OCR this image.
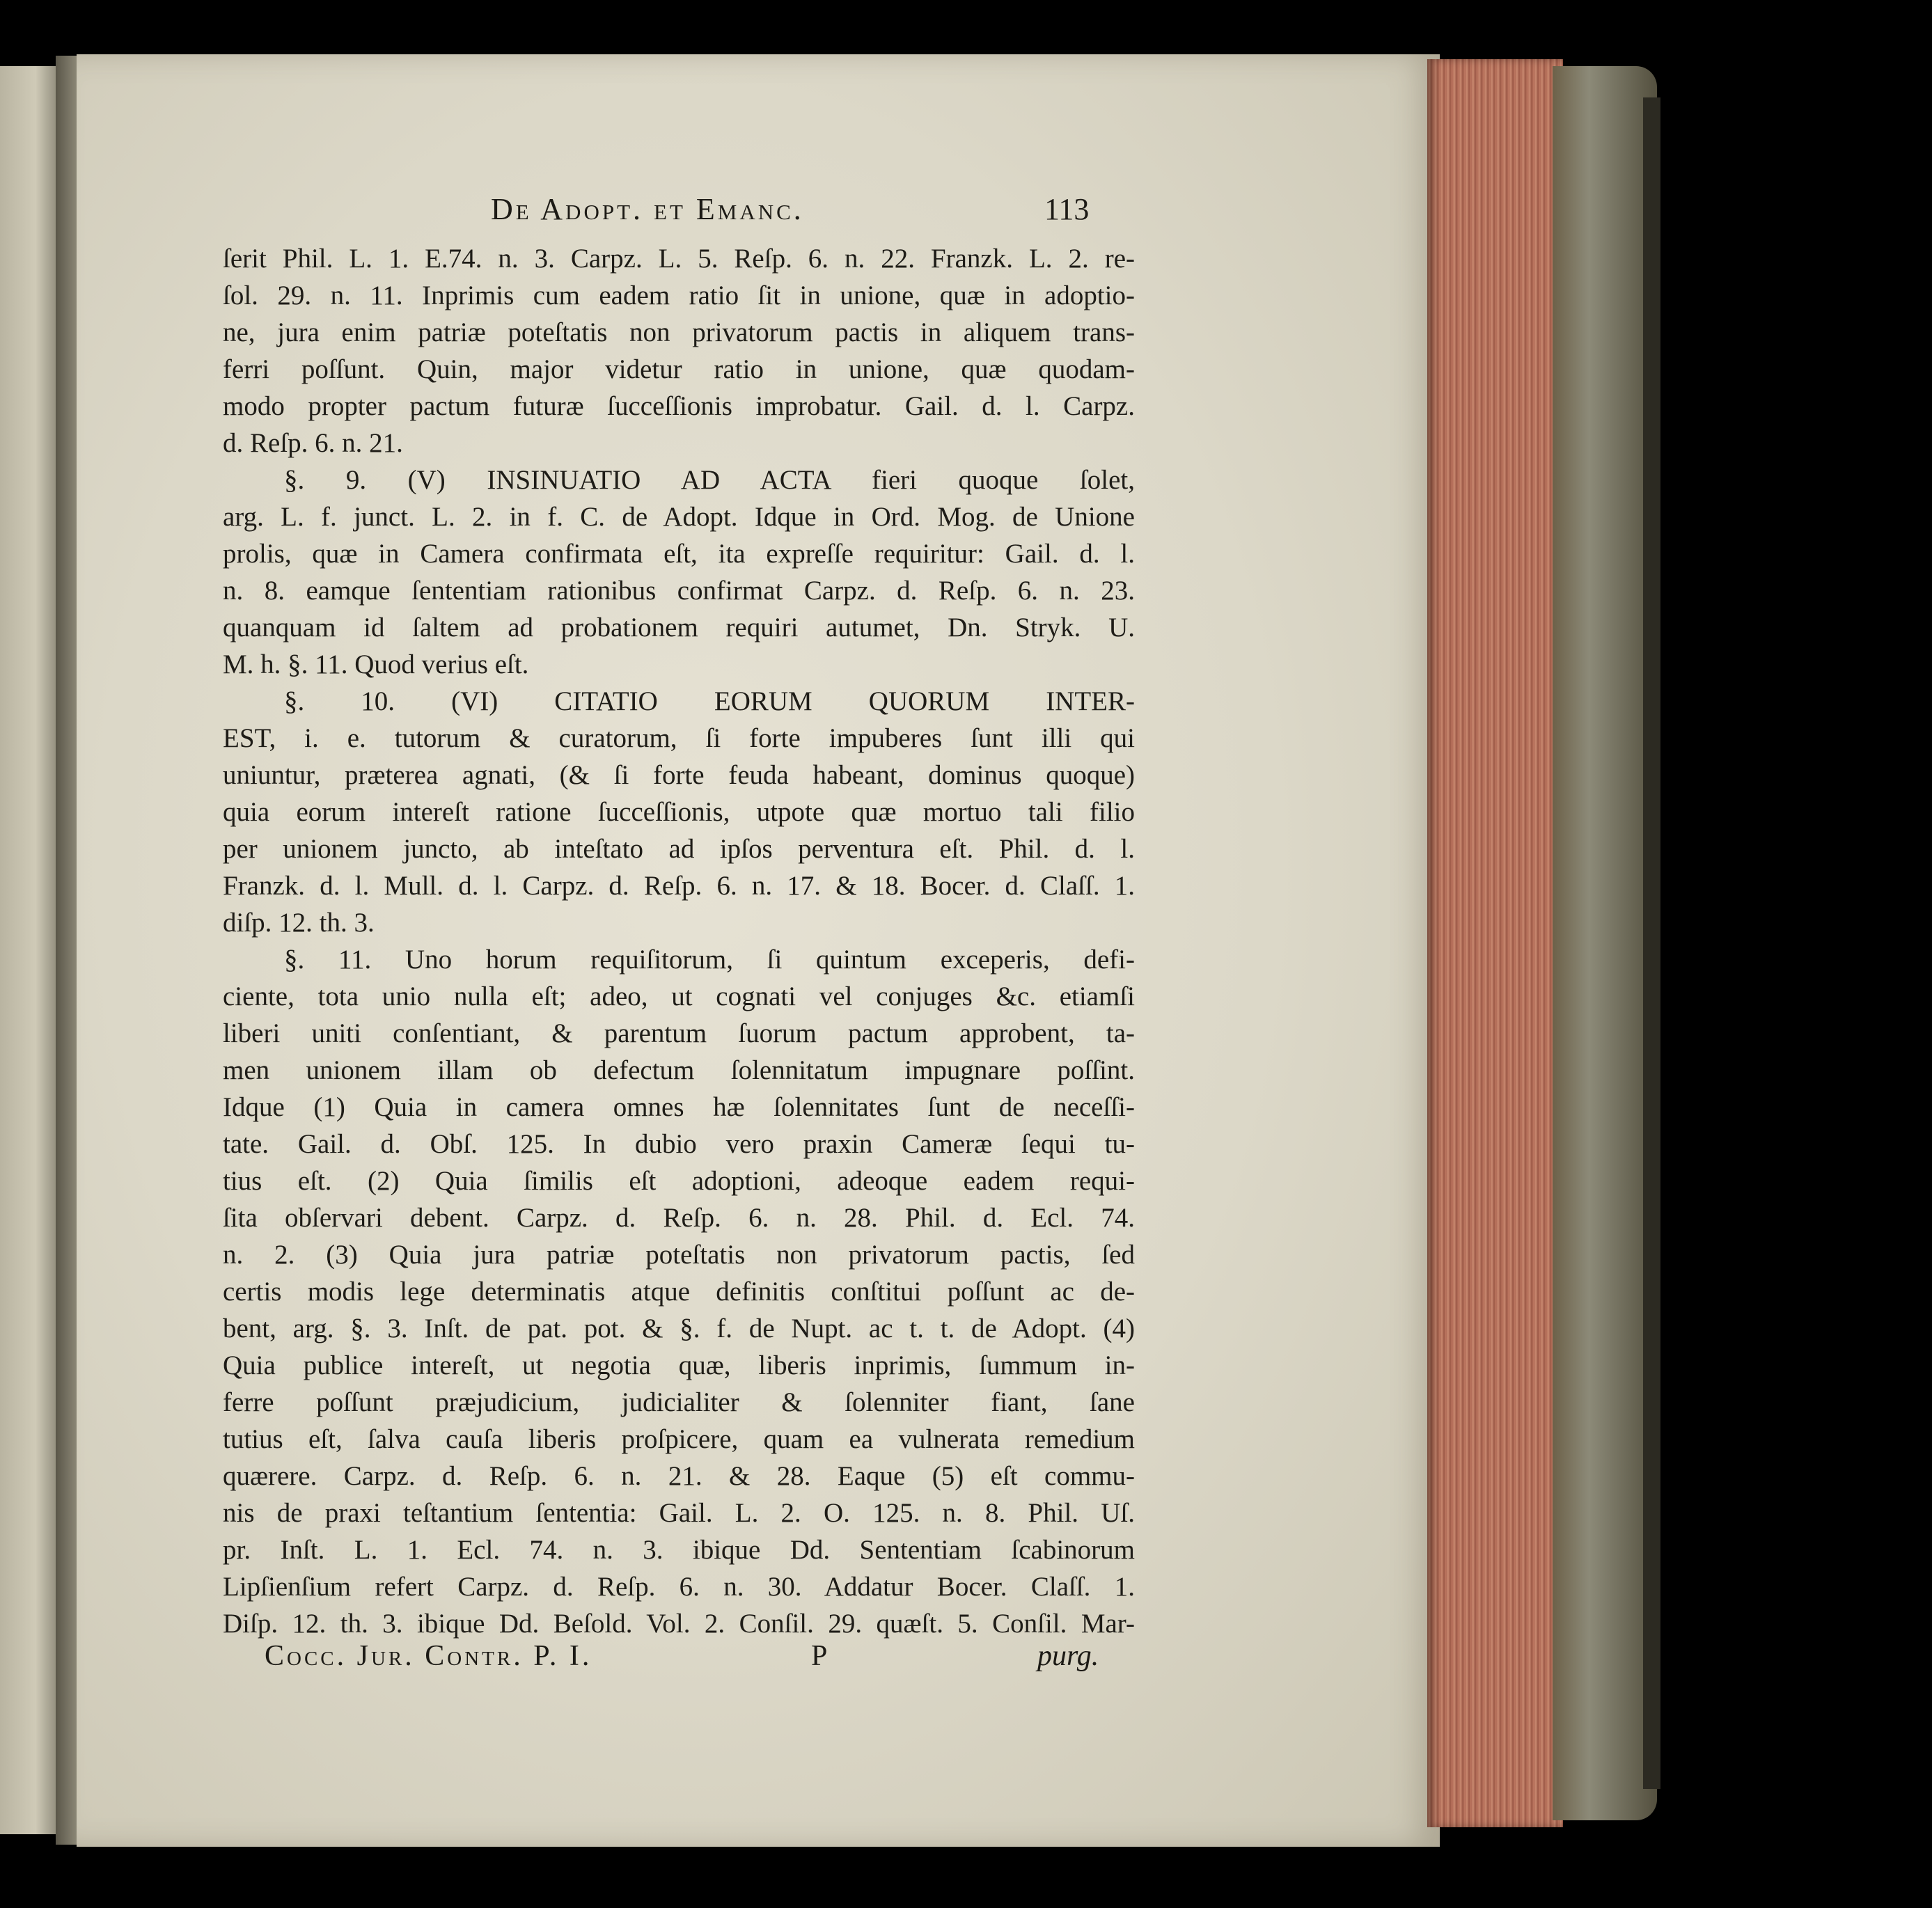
De Adopt. et Emanc.	113
ſerit Phil. L. 1. E.74. n. 3. Carpz. L. 5. Reſp. 6. n. 22. Franzk. L. 2. re-
ſol. 29. n. 11. Inprimis cum eadem ratio ſit in unione, quæ in adoptio-
ne, jura enim patriæ poteſtatis non privatorum pactis in aliquem trans-
ferri poſſunt. Quin, major videtur ratio in unione, quæ quodam-
modo propter pactum futuræ ſucceſſionis improbatur. Gail. d. l. Carpz.
d. Reſp. 6. n. 21.
§. 9. (V) INSINUATIO AD ACTA fieri quoque ſolet,
arg. L. f. junct. L. 2. in f. C. de Adopt. Idque in Ord. Mog. de Unione
prolis, quæ in Camera confirmata eſt, ita expreſſe requiritur: Gail. d. l.
n. 8. eamque ſententiam rationibus confirmat Carpz. d. Reſp. 6. n. 23.
quanquam id ſaltem ad probationem requiri autumet, Dn. Stryk. U.
M. h. §. 11. Quod verius eſt.
§. 10. (VI) CITATIO EORUM QUORUM INTER-
EST, i. e. tutorum & curatorum, ſi forte impuberes ſunt illi qui
uniuntur, præterea agnati, (& ſi forte feuda habeant, dominus quoque)
quia eorum intereſt ratione ſucceſſionis, utpote quæ mortuo tali filio
per unionem juncto, ab inteſtato ad ipſos perventura eſt. Phil. d. l.
Franzk. d. l. Mull. d. l. Carpz. d. Reſp. 6. n. 17. & 18. Bocer. d. Claſſ. 1.
diſp. 12. th. 3.
§. 11. Uno horum requiſitorum, ſi quintum exceperis, defi-
ciente, tota unio nulla eſt; adeo, ut cognati vel conjuges &c. etiamſi
liberi uniti conſentiant, & parentum ſuorum pactum approbent, ta-
men unionem illam ob defectum ſolennitatum impugnare poſſint.
Idque (1) Quia in camera omnes hæ ſolennitates ſunt de neceſſi-
tate. Gail. d. Obſ. 125. In dubio vero praxin Cameræ ſequi tu-
tius eſt. (2) Quia ſimilis eſt adoptioni, adeoque eadem requi-
ſita obſervari debent. Carpz. d. Reſp. 6. n. 28. Phil. d. Ecl. 74.
n. 2. (3) Quia jura patriæ poteſtatis non privatorum pactis, ſed
certis modis lege determinatis atque definitis conſtitui poſſunt ac de-
bent, arg. §. 3. Inſt. de pat. pot. & §. f. de Nupt. ac t. t. de Adopt. (4)
Quia publice intereſt, ut negotia quæ, liberis inprimis, ſummum in-
ferre poſſunt præjudicium, judicialiter & ſolenniter fiant, ſane
tutius eſt, ſalva cauſa liberis proſpicere, quam ea vulnerata remedium
quærere. Carpz. d. Reſp. 6. n. 21. & 28. Eaque (5) eſt commu-
nis de praxi teſtantium ſententia: Gail. L. 2. O. 125. n. 8. Phil. Uſ.
pr. Inſt. L. 1. Ecl. 74. n. 3. ibique Dd. Sententiam ſcabinorum
Lipſienſium refert Carpz. d. Reſp. 6. n. 30. Addatur Bocer. Claſſ. 1.
Diſp. 12. th. 3. ibique Dd. Beſold. Vol. 2. Conſil. 29. quæſt. 5. Conſil. Mar-
Cocc. Jur. Contr. P. I.	P	purg.
